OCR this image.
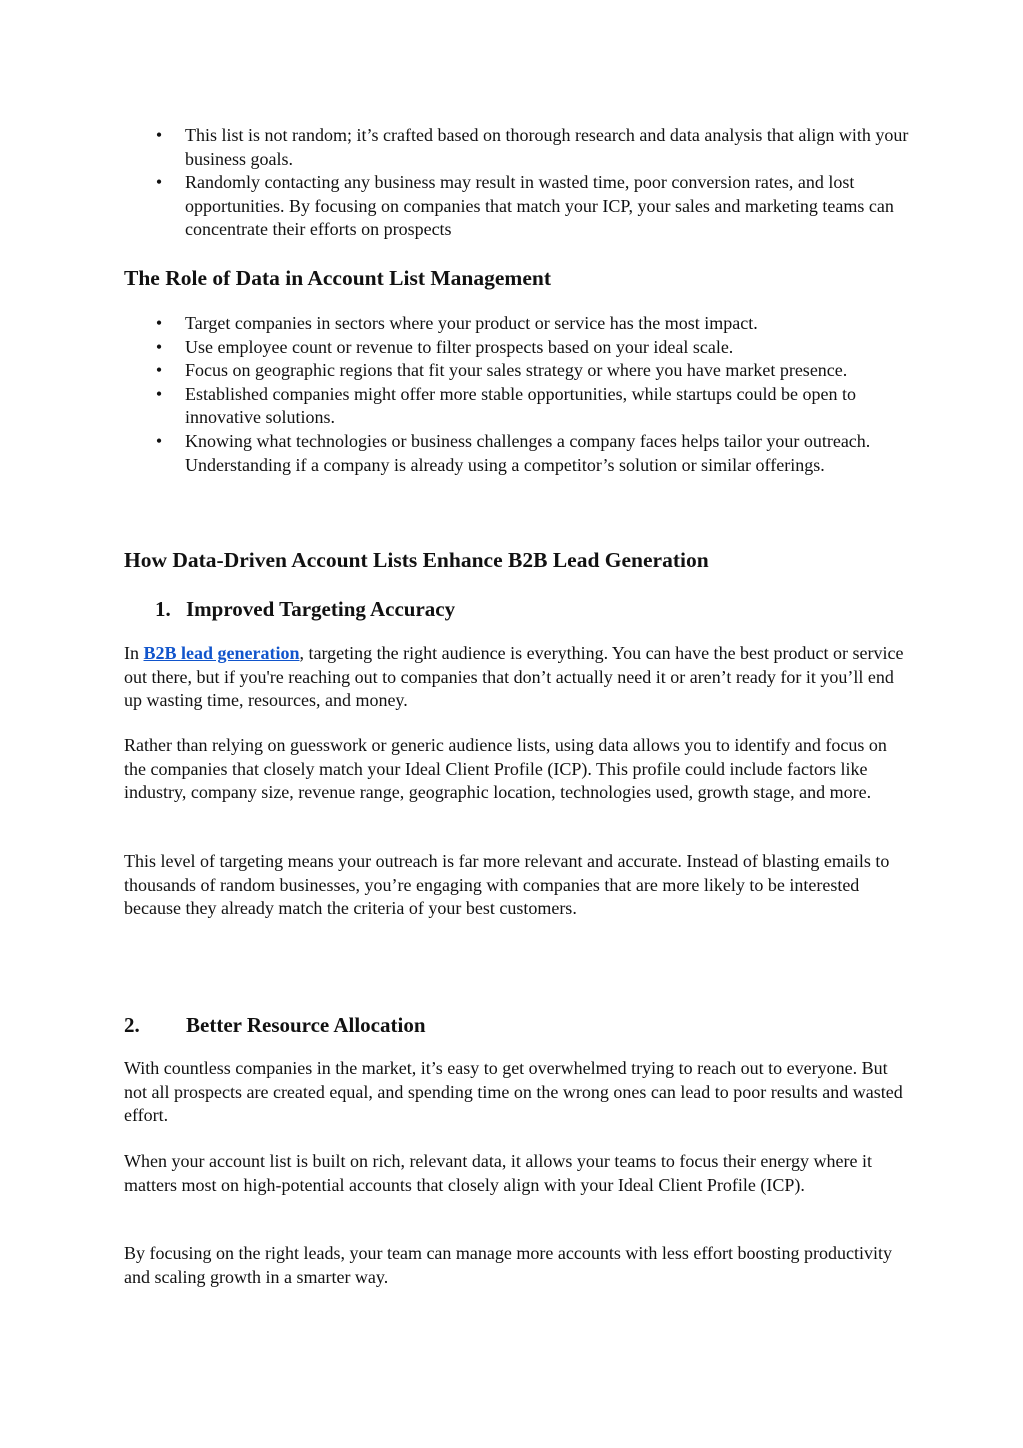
• This list is not random; it’s crafted based on thorough research and data analysis that align with your business goals.
• Randomly contacting any business may result in wasted time, poor conversion rates, and lost opportunities. By focusing on companies that match your ICP, your sales and marketing teams can concentrate their efforts on prospects
The Role of Data in Account List Management
• Target companies in sectors where your product or service has the most impact.
• Use employee count or revenue to filter prospects based on your ideal scale.
• Focus on geographic regions that fit your sales strategy or where you have market presence.
• Established companies might offer more stable opportunities, while startups could be open to innovative solutions.
• Knowing what technologies or business challenges a company faces helps tailor your outreach. Understanding if a company is already using a competitor’s solution or similar offerings.
How Data-Driven Account Lists Enhance B2B Lead Generation
1. Improved Targeting Accuracy

In B2B lead generation, targeting the right audience is everything. You can have the best product or service out there, but if you're reaching out to companies that don’t actually need it or aren’t ready for it you’ll end up wasting time, resources, and money.

Rather than relying on guesswork or generic audience lists, using data allows you to identify and focus on the companies that closely match your Ideal Client Profile (ICP). This profile could include factors like industry, company size, revenue range, geographic location, technologies used, growth stage, and more.

This level of targeting means your outreach is far more relevant and accurate. Instead of blasting emails to thousands of random businesses, you’re engaging with companies that are more likely to be interested because they already match the criteria of your best customers.

2. Better Resource Allocation

With countless companies in the market, it’s easy to get overwhelmed trying to reach out to everyone. But not all prospects are created equal, and spending time on the wrong ones can lead to poor results and wasted effort.

When your account list is built on rich, relevant data, it allows your teams to focus their energy where it matters most on high-potential accounts that closely align with your Ideal Client Profile (ICP).

By focusing on the right leads, your team can manage more accounts with less effort boosting productivity and scaling growth in a smarter way.
